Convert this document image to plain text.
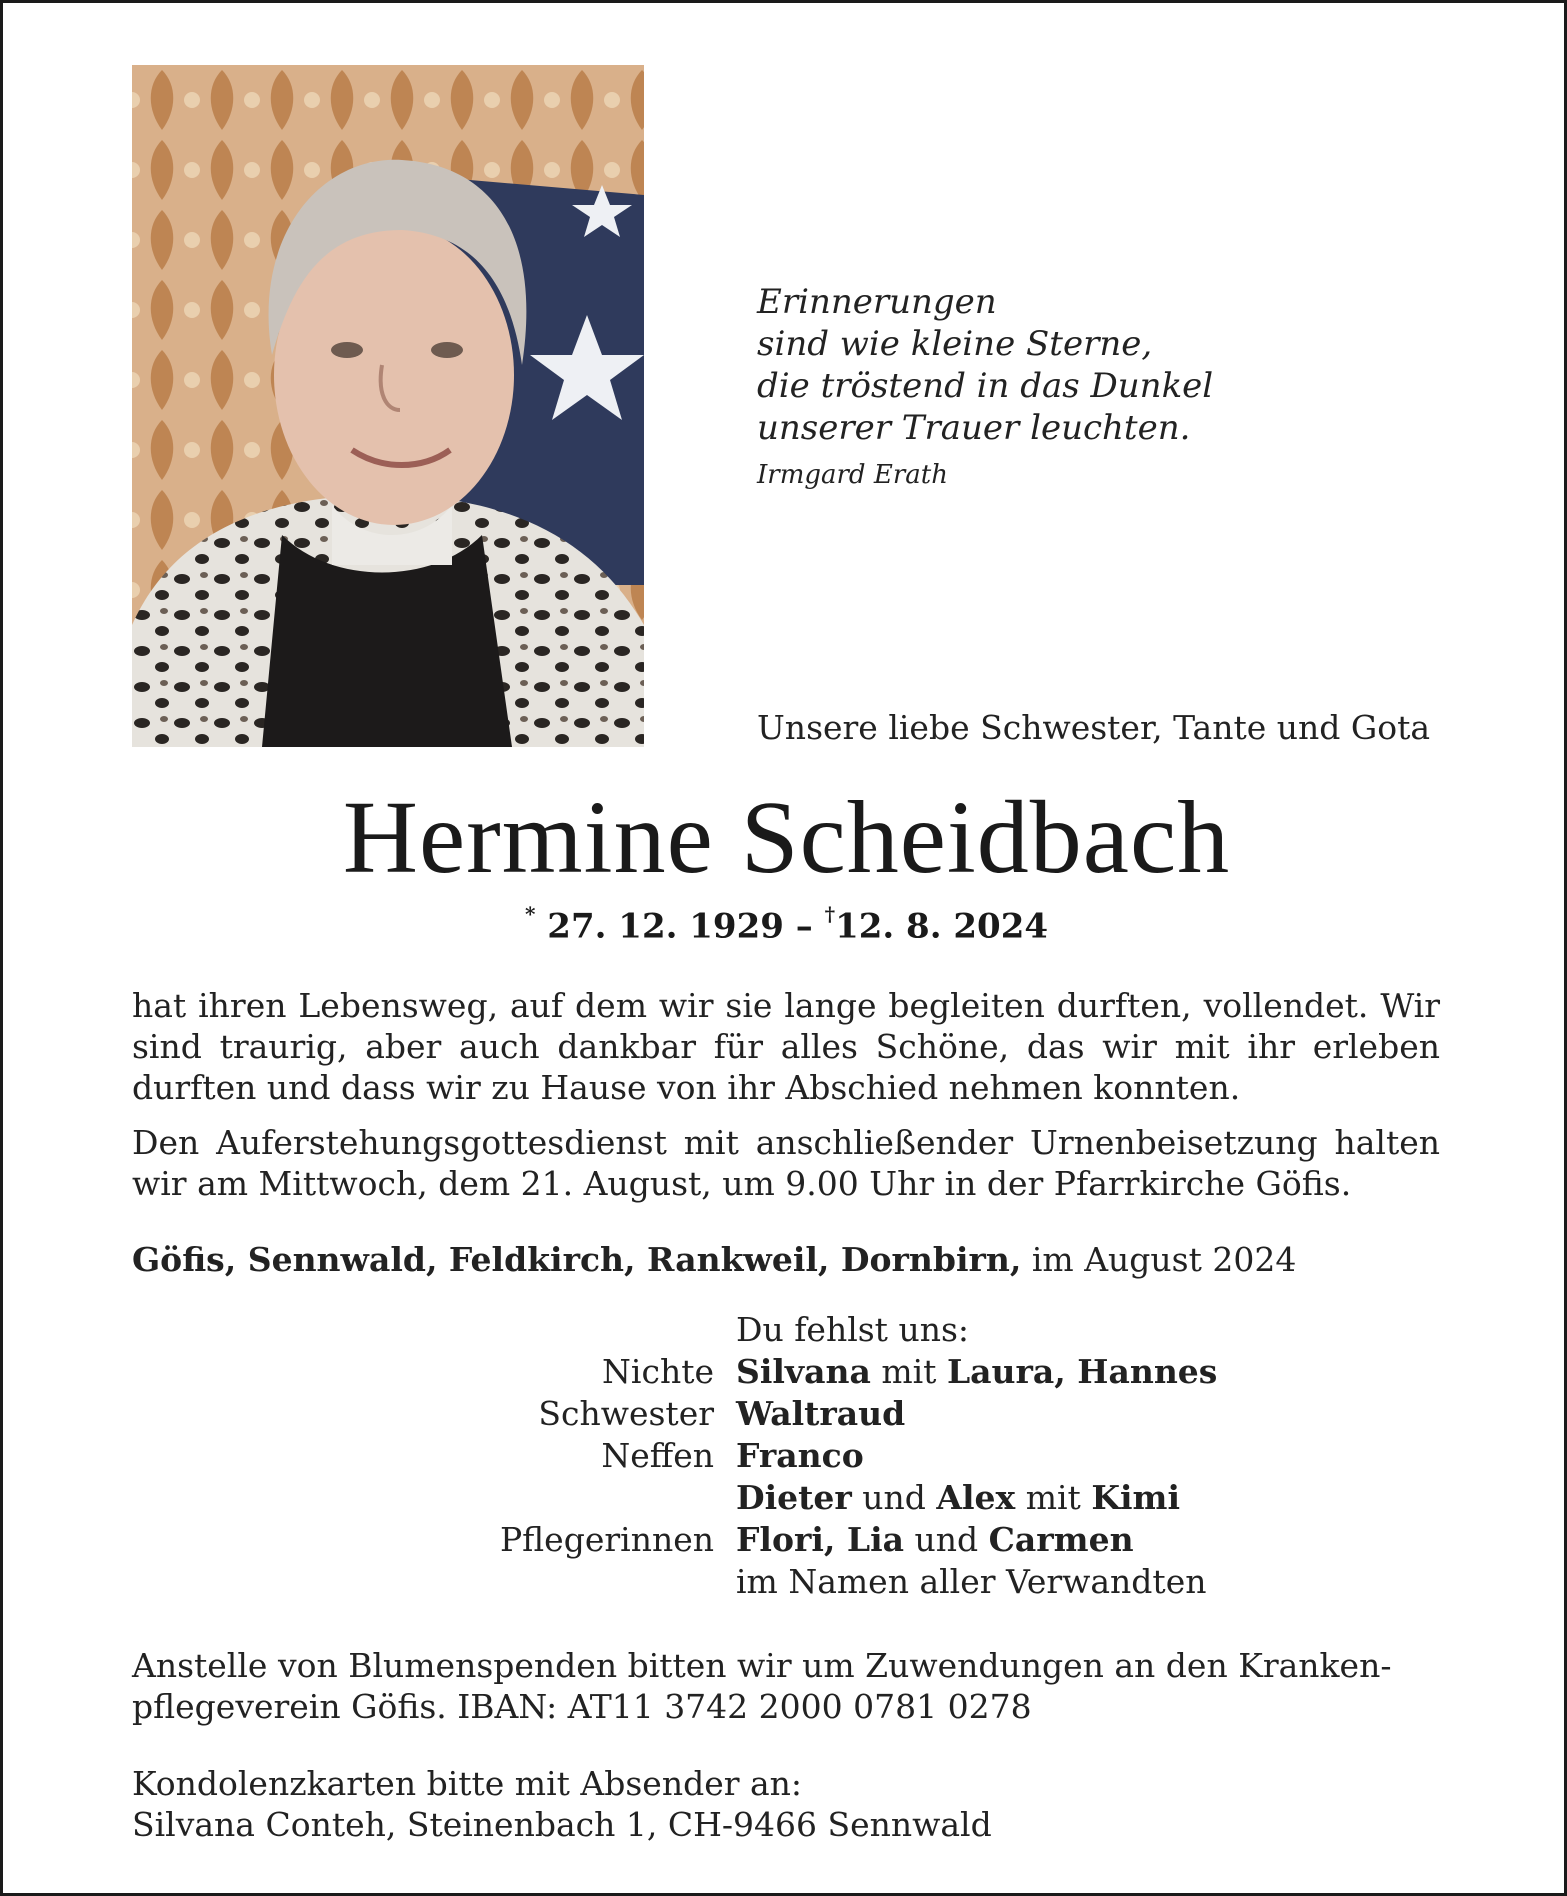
Erinnerungen
sind wie kleine Sterne,
die tröstend in das Dunkel
unserer Trauer leuchten.
Irmgard Erath
Unsere liebe Schwester, Tante und Gota
Hermine Scheidbach
* 27. 12. 1929 – †12. 8. 2024
hat ihren Lebensweg, auf dem wir sie lange begleiten durften, vollendet. Wir sind traurig, aber auch dankbar für alles Schöne, das wir mit ihr erleben durften und dass wir zu Hause von ihr Abschied nehmen konnten.
Den Auferstehungsgottesdienst mit anschließender Urnenbeisetzung halten wir am Mittwoch, dem 21. August, um 9.00 Uhr in der Pfarrkirche Göfis.
Göfis, Sennwald, Feldkirch, Rankweil, Dornbirn, im August 2024
Du fehlst uns:
Nichte Silvana mit Laura, Hannes
Schwester Waltraud
Neffen Franco
Dieter und Alex mit Kimi
Pflegerinnen Flori, Lia und Carmen
im Namen aller Verwandten
Anstelle von Blumenspenden bitten wir um Zuwendungen an den Kranken-
pflegeverein Göfis. IBAN: AT11 3742 2000 0781 0278
Kondolenzkarten bitte mit Absender an:
Silvana Conteh, Steinenbach 1, CH-9466 Sennwald
